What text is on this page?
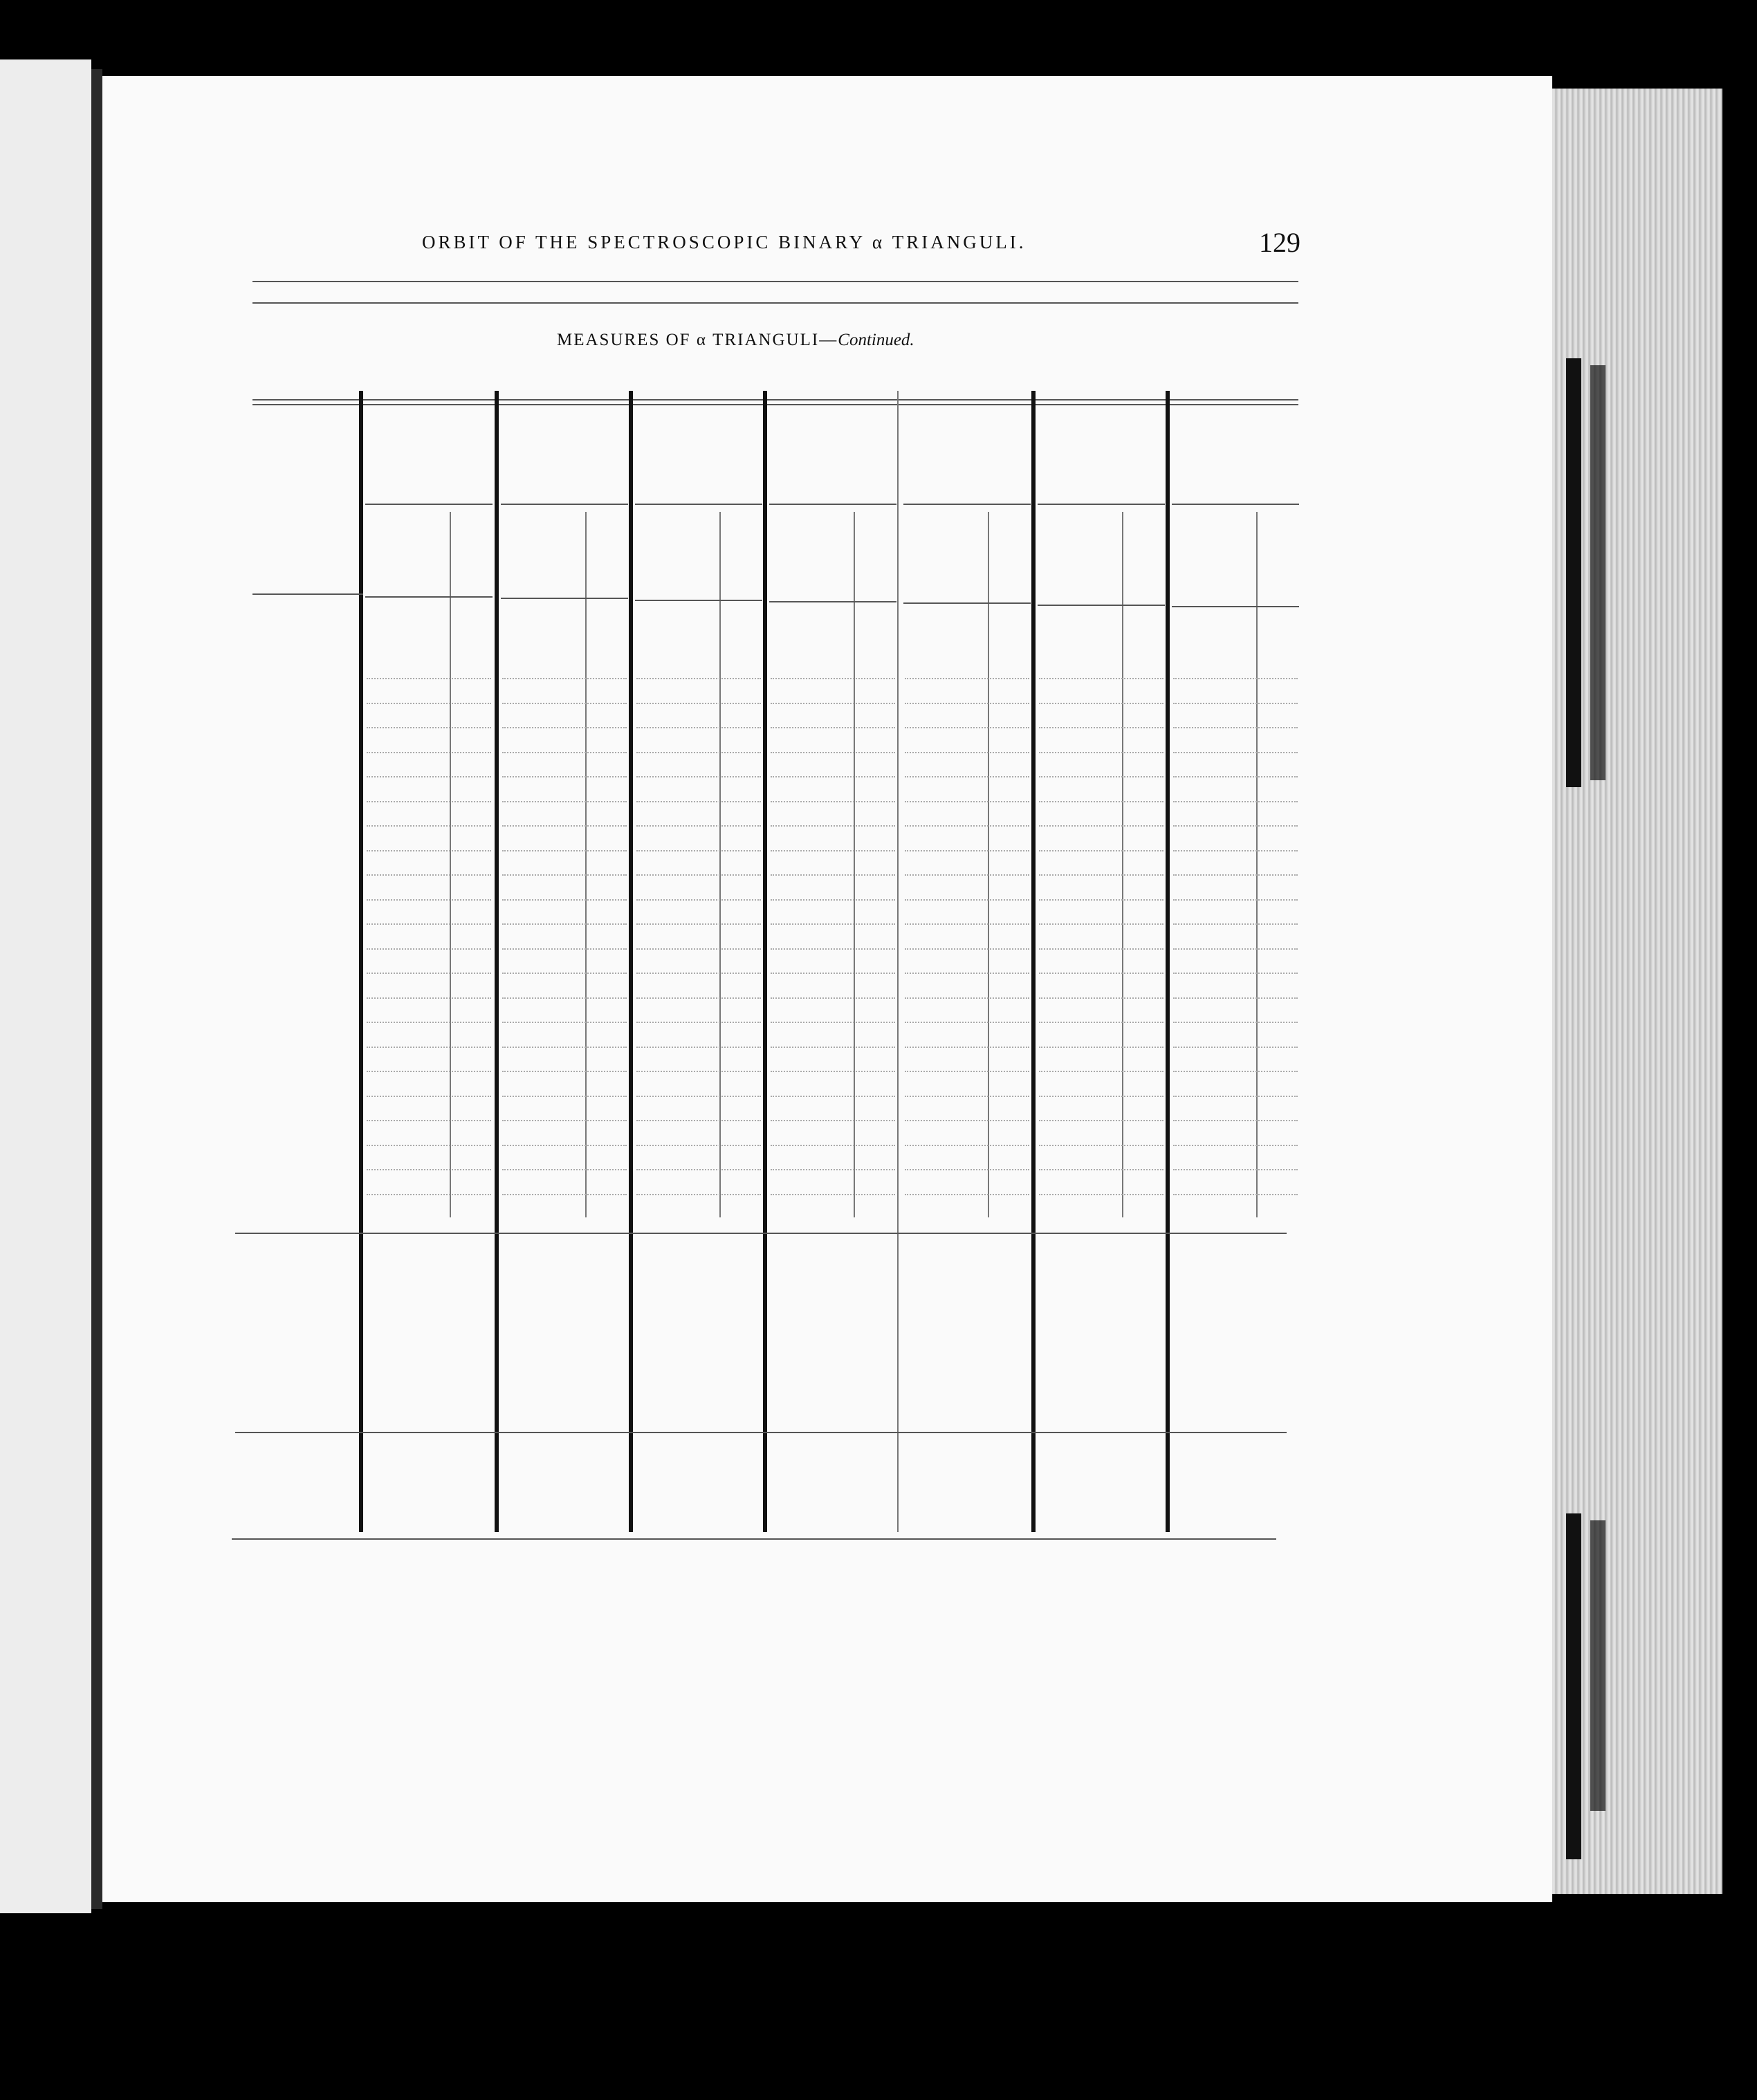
ORBIT OF THE SPECTROSCOPIC BINARY α TRIANGULI.	129
MEASURES OF α TRIANGULI—Continued.
